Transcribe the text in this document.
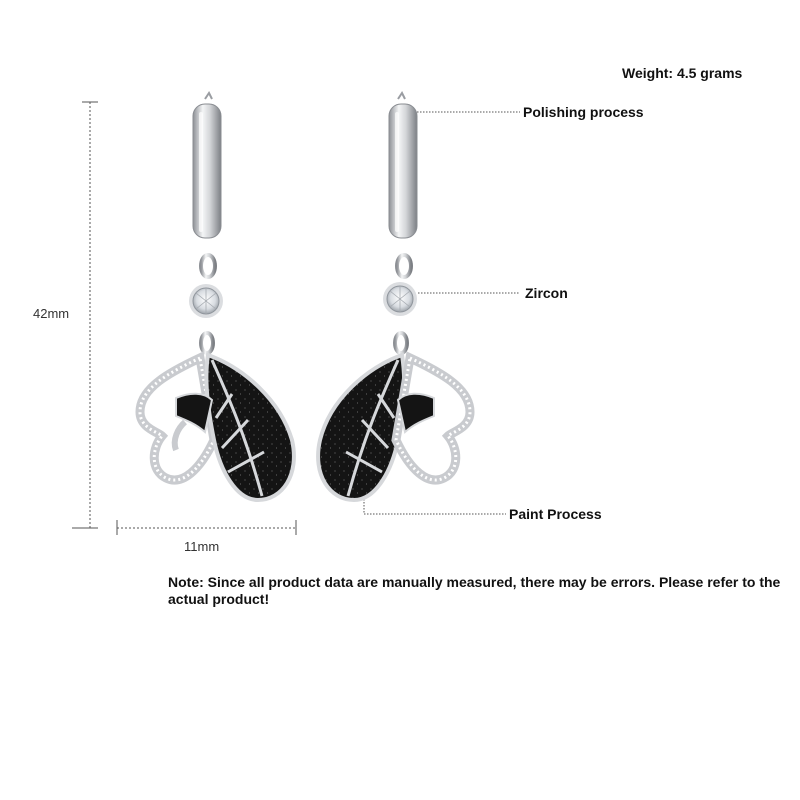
Weight: 4.5 grams
Polishing process
Zircon
Paint Process
42mm
11mm
Note: Since all product data are manually measured, there may be errors. Please refer to the actual product!
